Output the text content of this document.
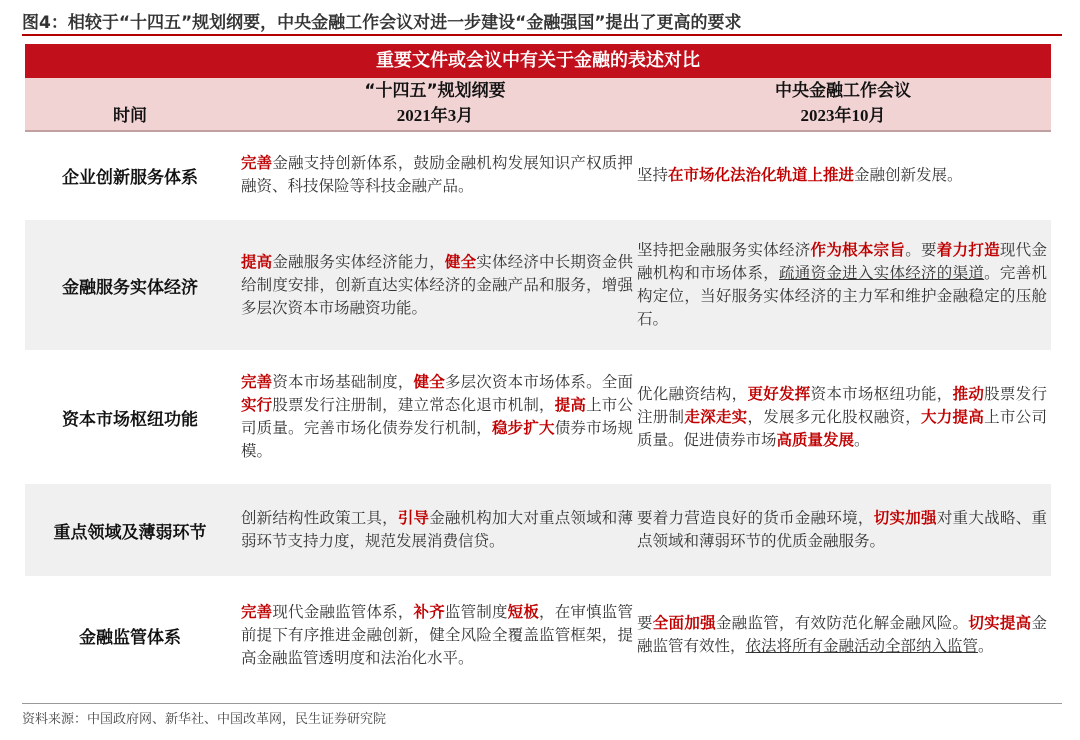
图4：相较于“十四五”规划纲要，中央金融工作会议对进一步建设“金融强国”提出了更高的要求
重要文件或会议中有关于金融的表述对比
时间
“十四五”规划纲要
2021年3月
中央金融工作会议
2023年10月
企业创新服务体系
完善金融支持创新体系，鼓励金融机构发展知识产权质押融资、科技保险等科技金融产品。
坚持在市场化法治化轨道上推进金融创新发展。
金融服务实体经济
提高金融服务实体经济能力，健全实体经济中长期资金供给制度安排，创新直达实体经济的金融产品和服务，增强多层次资本市场融资功能。
坚持把金融服务实体经济作为根本宗旨。要着力打造现代金融机构和市场体系，疏通资金进入实体经济的渠道。完善机构定位，当好服务实体经济的主力军和维护金融稳定的压舱石。
资本市场枢纽功能
完善资本市场基础制度，健全多层次资本市场体系。全面实行股票发行注册制，建立常态化退市机制，提高上市公司质量。完善市场化债券发行机制，稳步扩大债券市场规模。
优化融资结构，更好发挥资本市场枢纽功能，推动股票发行注册制走深走实，发展多元化股权融资，大力提高上市公司质量。促进债券市场高质量发展。
重点领域及薄弱环节
创新结构性政策工具，引导金融机构加大对重点领域和薄弱环节支持力度，规范发展消费信贷。
要着力营造良好的货币金融环境，切实加强对重大战略、重点领域和薄弱环节的优质金融服务。
金融监管体系
完善现代金融监管体系，补齐监管制度短板，在审慎监管前提下有序推进金融创新，健全风险全覆盖监管框架，提高金融监管透明度和法治化水平。
要全面加强金融监管，有效防范化解金融风险。切实提高金融监管有效性，依法将所有金融活动全部纳入监管。
资料来源：中国政府网、新华社、中国改革网，民生证券研究院
